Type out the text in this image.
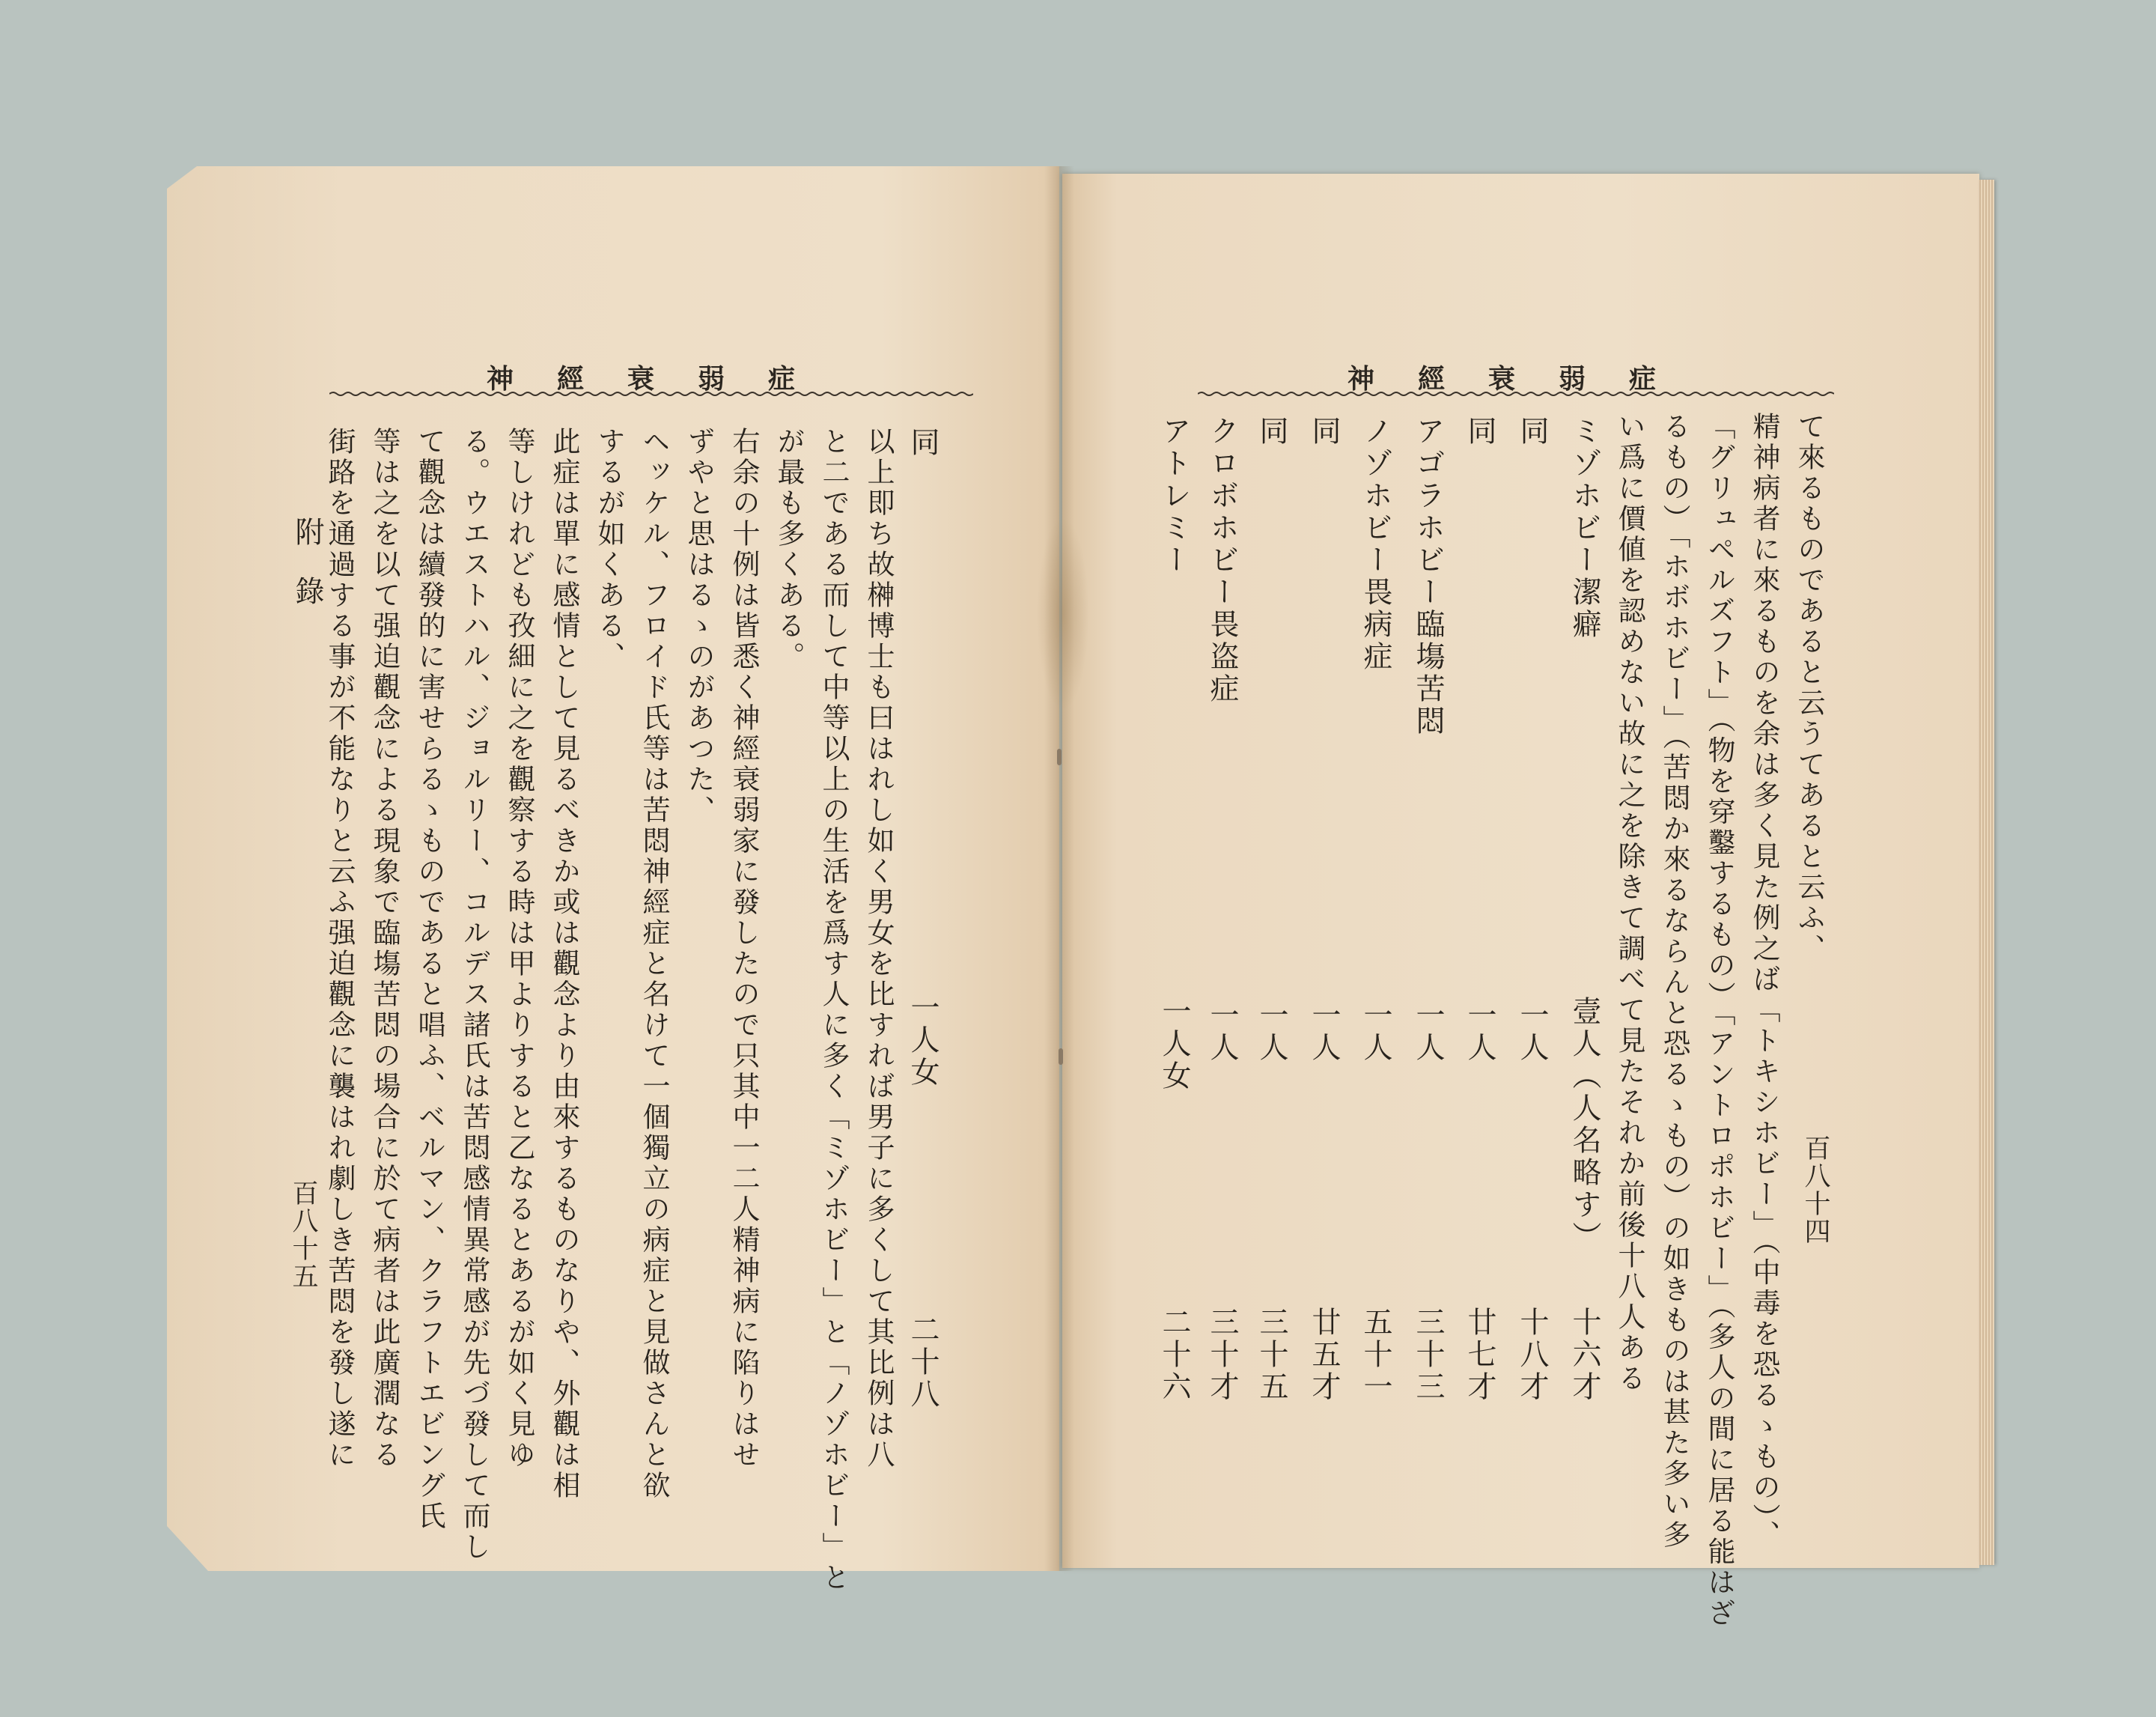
神經衰弱症
同
一人女
二十八
以上即ち故榊博士も曰はれし如く男女を比すれば男子に多くして其比例は八
と二である而して中等以上の生活を爲す人に多く「ミゾホビー」と「ノゾホビー」と
が最も多くある。
右余の十例は皆悉く神經衰弱家に發したので只其中一二人精神病に陷りはせ
ずやと思はるゝのがあつた、
ヘッケル、フロイド氏等は苦悶神經症と名けて一個獨立の病症と見做さんと欲
するが如くある、
此症は單に感情として見るべきか或は觀念より由來するものなりや、外觀は相
等しけれども孜細に之を觀察する時は甲よりすると乙なるとあるが如く見ゆ
る。ウエストハル、ジョルリー、コルデス諸氏は苦悶感情異常感が先づ發して而し
て觀念は續發的に害せらるゝものであると唱ふ、ベルマン、クラフトエビング氏
等は之を以て强迫觀念による現象で臨塲苦悶の場合に於て病者は此廣濶なる
街路を通過する事が不能なりと云ふ强迫觀念に襲はれ劇しき苦悶を發し遂に
附錄
百八十五
神經衰弱症
百八十四
て來るものであると云うてあると云ふ、
精神病者に來るものを余は多く見た例之ば「トキシホビー」（中毒を恐るゝもの）、
「グリュペルズフト」（物を穿鑿するもの）「アントロポホビー」（多人の間に居る能はざ
るもの）「ホボホビー」（苦悶か來るならんと恐るゝもの）の如きものは甚た多い多
い爲に價値を認めない故に之を除きて調べて見たそれか前後十八人ある
ミゾホビー潔癖
壹人（人名略す）
十六才
同
一人
十八才
同
一人
廿七才
アゴラホビー臨塲苦悶
一人
三十三
ノゾホビー畏病症
一人
五十一
同
一人
廿五才
同
一人
三十五
クロボホビー畏盗症
一人
三十才
アトレミー
一人女
二十六
